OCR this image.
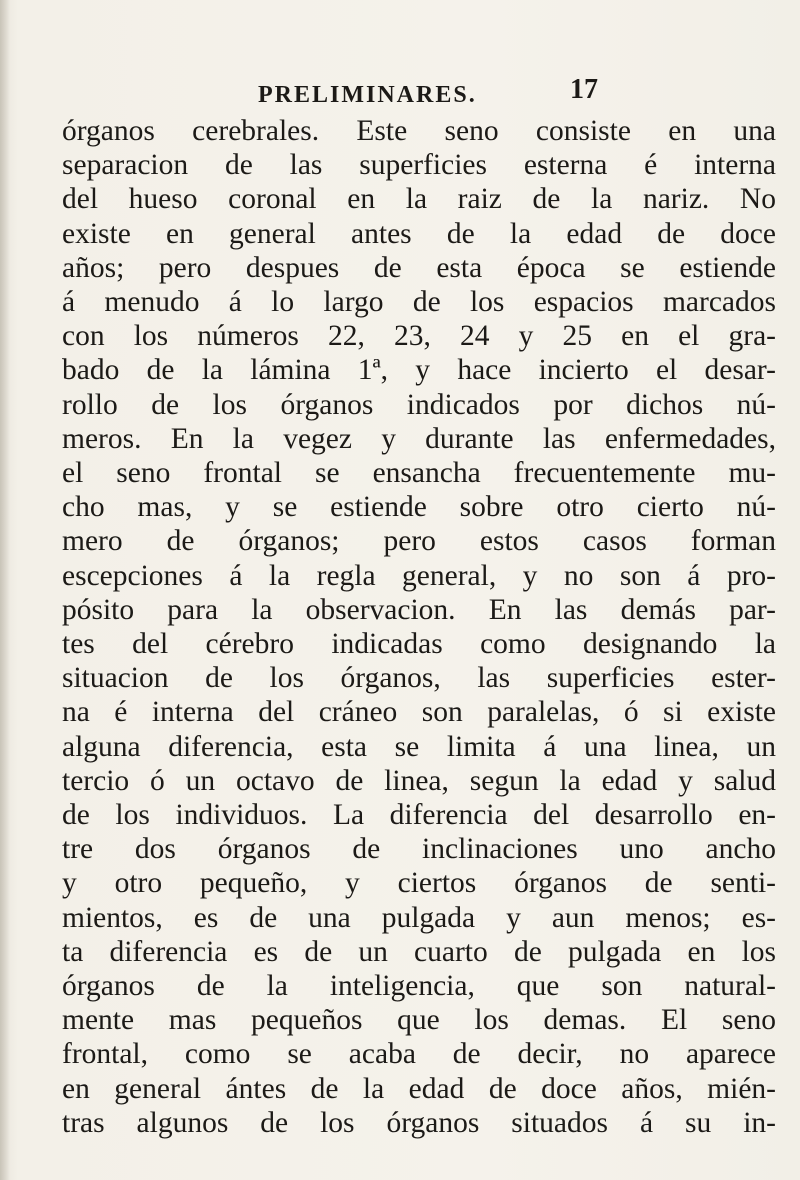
PRELIMINARES.	17
órganos cerebrales. Este seno consiste en una
separacion de las superficies esterna é interna
del hueso coronal en la raiz de la nariz. No
existe en general antes de la edad de doce
años; pero despues de esta época se estiende
á menudo á lo largo de los espacios marcados
con los números 22, 23, 24 y 25 en el gra-
bado de la lámina 1ª, y hace incierto el desar-
rollo de los órganos indicados por dichos nú-
meros. En la vegez y durante las enfermedades,
el seno frontal se ensancha frecuentemente mu-
cho mas, y se estiende sobre otro cierto nú-
mero de órganos; pero estos casos forman
escepciones á la regla general, y no son á pro-
pósito para la observacion. En las demás par-
tes del cérebro indicadas como designando la
situacion de los órganos, las superficies ester-
na é interna del cráneo son paralelas, ó si existe
alguna diferencia, esta se limita á una linea, un
tercio ó un octavo de linea, segun la edad y salud
de los individuos. La diferencia del desarrollo en-
tre dos órganos de inclinaciones uno ancho
y otro pequeño, y ciertos órganos de senti-
mientos, es de una pulgada y aun menos; es-
ta diferencia es de un cuarto de pulgada en los
órganos de la inteligencia, que son natural-
mente mas pequeños que los demas. El seno
frontal, como se acaba de decir, no aparece
en general ántes de la edad de doce años, mién-
tras algunos de los órganos situados á su in-
